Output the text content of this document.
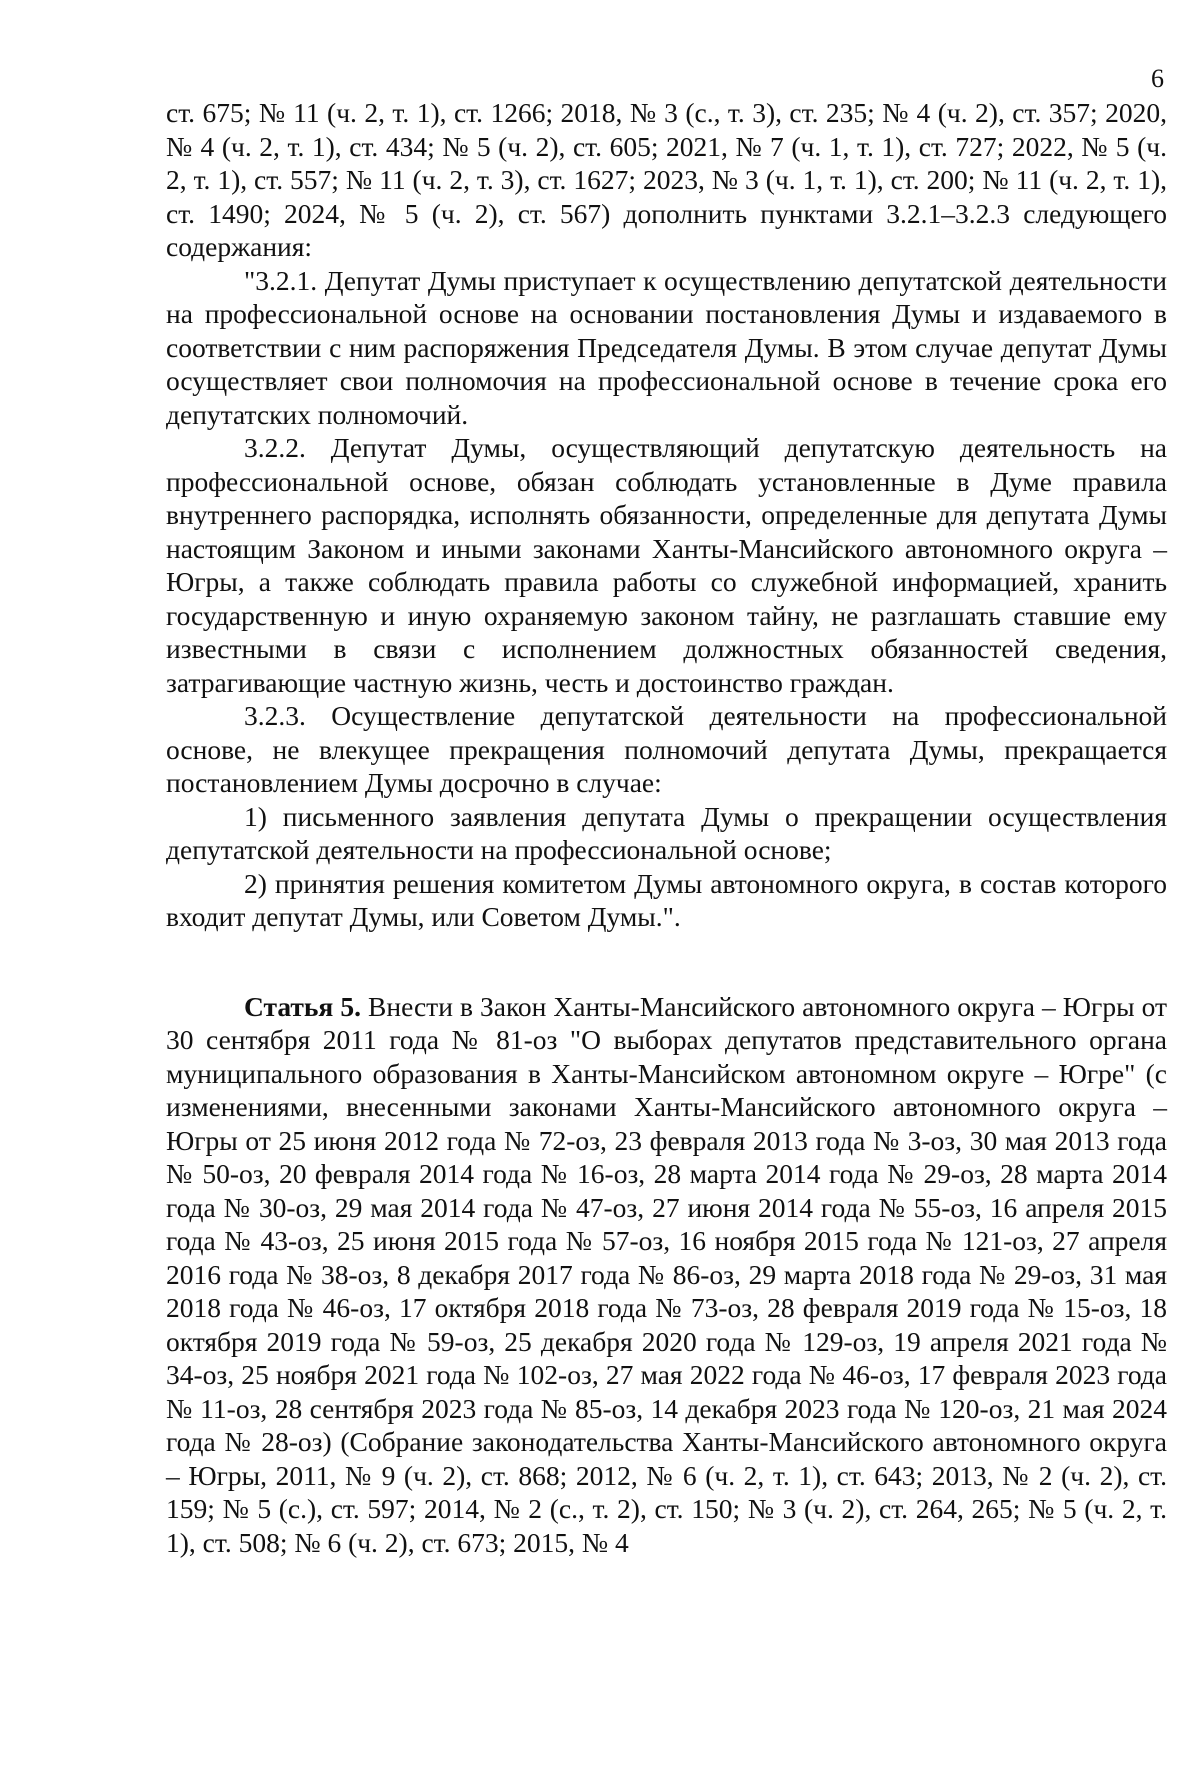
6

ст. 675; № 11 (ч. 2, т. 1), ст. 1266; 2018, № 3 (с., т. 3), ст. 235; № 4 (ч. 2), ст. 357; 2020, № 4 (ч. 2, т. 1), ст. 434; № 5 (ч. 2), ст. 605; 2021, № 7 (ч. 1, т. 1), ст. 727; 2022, № 5 (ч. 2, т. 1), ст. 557; № 11 (ч. 2, т. 3), ст. 1627; 2023, № 3 (ч. 1, т. 1), ст. 200; № 11 (ч. 2, т. 1), ст. 1490; 2024, № 5 (ч. 2), ст. 567) дополнить пунктами 3.2.1–3.2.3 следующего содержания:

"3.2.1. Депутат Думы приступает к осуществлению депутатской деятельности на профессиональной основе на основании постановления Думы и издаваемого в соответствии с ним распоряжения Председателя Думы. В этом случае депутат Думы осуществляет свои полномочия на профессиональной основе в течение срока его депутатских полномочий.

3.2.2. Депутат Думы, осуществляющий депутатскую деятельность на профессиональной основе, обязан соблюдать установленные в Думе правила внутреннего распорядка, исполнять обязанности, определенные для депутата Думы настоящим Законом и иными законами Ханты-Мансийского автономного округа – Югры, а также соблюдать правила работы со служебной информацией, хранить государственную и иную охраняемую законом тайну, не разглашать ставшие ему известными в связи с исполнением должностных обязанностей сведения, затрагивающие частную жизнь, честь и достоинство граждан.

3.2.3. Осуществление депутатской деятельности на профессиональной основе, не влекущее прекращения полномочий депутата Думы, прекращается постановлением Думы досрочно в случае:

1) письменного заявления депутата Думы о прекращении осуществления депутатской деятельности на профессиональной основе;

2) принятия решения комитетом Думы автономного округа, в состав которого входит депутат Думы, или Советом Думы.".

Статья 5. Внести в Закон Ханты-Мансийского автономного округа – Югры от 30 сентября 2011 года № 81-оз "О выборах депутатов представительного органа муниципального образования в Ханты-Мансийском автономном округе – Югре" (с изменениями, внесенными законами Ханты-Мансийского автономного округа – Югры от 25 июня 2012 года № 72-оз, 23 февраля 2013 года № 3-оз, 30 мая 2013 года № 50-оз, 20 февраля 2014 года № 16-оз, 28 марта 2014 года № 29-оз, 28 марта 2014 года № 30-оз, 29 мая 2014 года № 47-оз, 27 июня 2014 года № 55-оз, 16 апреля 2015 года № 43-оз, 25 июня 2015 года № 57-оз, 16 ноября 2015 года № 121-оз, 27 апреля 2016 года № 38-оз, 8 декабря 2017 года № 86-оз, 29 марта 2018 года № 29-оз, 31 мая 2018 года № 46-оз, 17 октября 2018 года № 73-оз, 28 февраля 2019 года № 15-оз, 18 октября 2019 года № 59-оз, 25 декабря 2020 года № 129-оз, 19 апреля 2021 года № 34-оз, 25 ноября 2021 года № 102-оз, 27 мая 2022 года № 46-оз, 17 февраля 2023 года № 11-оз, 28 сентября 2023 года № 85-оз, 14 декабря 2023 года № 120-оз, 21 мая 2024 года № 28-оз) (Собрание законодательства Ханты-Мансийского автономного округа – Югры, 2011, № 9 (ч. 2), ст. 868; 2012, № 6 (ч. 2, т. 1), ст. 643; 2013, № 2 (ч. 2), ст. 159; № 5 (с.), ст. 597; 2014, № 2 (с., т. 2), ст. 150; № 3 (ч. 2), ст. 264, 265; № 5 (ч. 2, т. 1), ст. 508; № 6 (ч. 2), ст. 673; 2015, № 4
